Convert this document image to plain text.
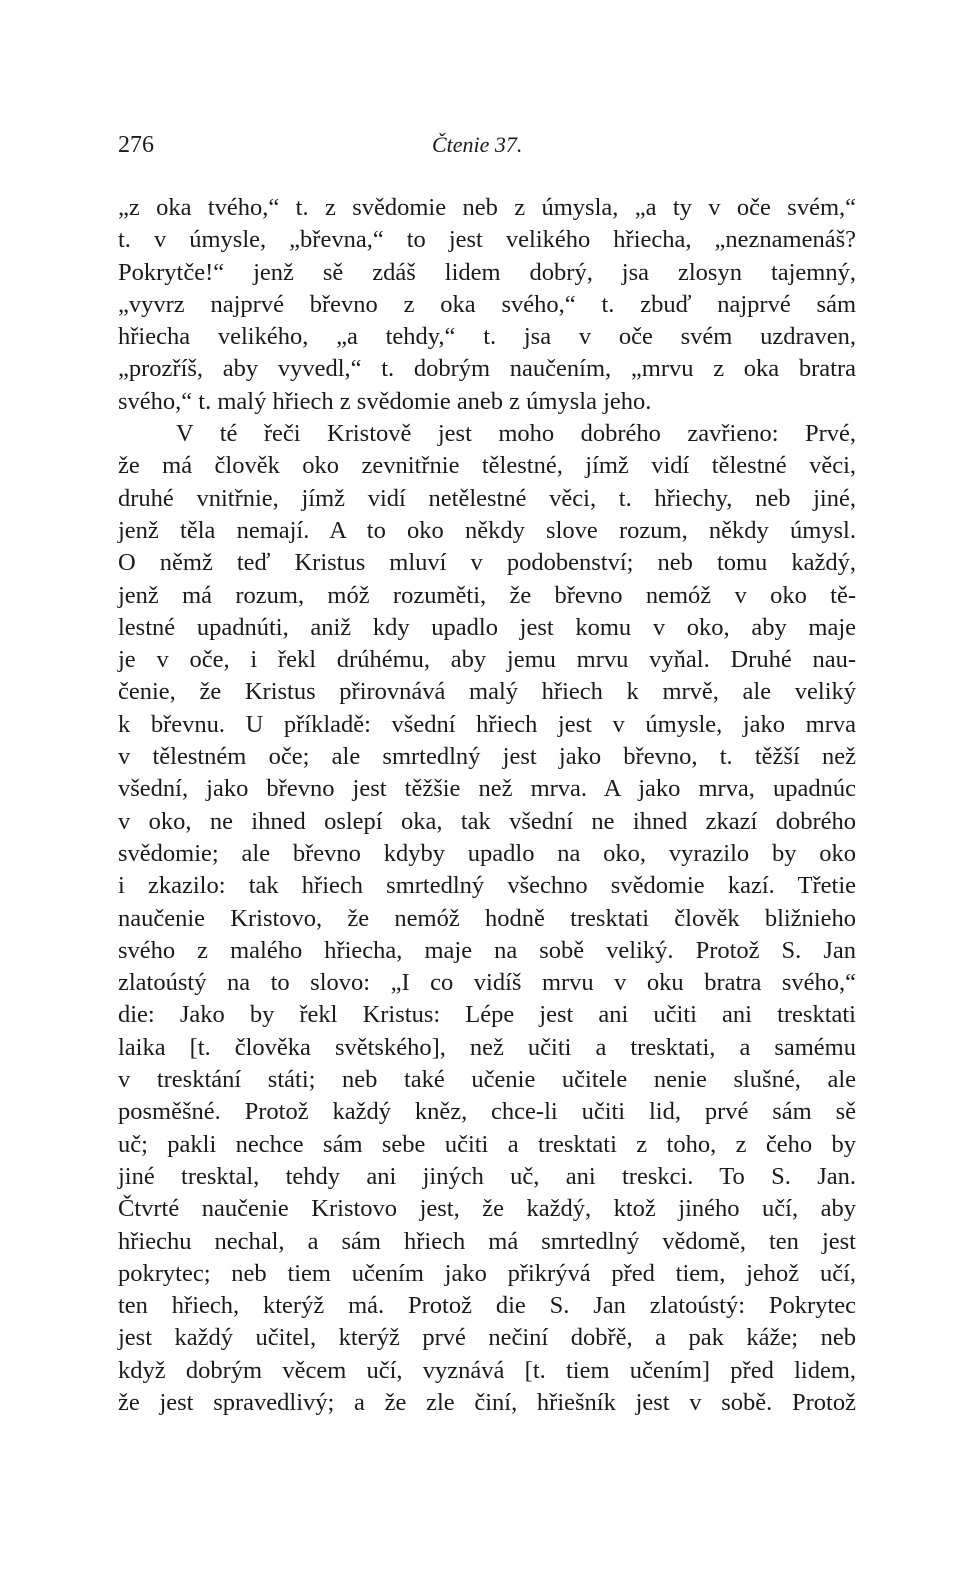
276	Čtenie 37.
„z oka tvého,“ t. z svědomie neb z úmysla, „a ty v oče svém,“
t. v úmysle, „břevna,“ to jest velikého hřiecha, „neznamenáš?
Pokrytče!“ jenž sě zdáš lidem dobrý, jsa zlosyn tajemný,
„vyvrz najprvé břevno z oka svého,“ t. zbuď najprvé sám
hřiecha velikého, „a tehdy,“ t. jsa v oče svém uzdraven,
„prozříš, aby vyvedl,“ t. dobrým naučením, „mrvu z oka bratra
svého,“ t. malý hřiech z svědomie aneb z úmysla jeho.
V té řeči Kristově jest moho dobrého zavřieno: Prvé,
že má člověk oko zevnitřnie tělestné, jímž vidí tělestné věci,
druhé vnitřnie, jímž vidí netělestné věci, t. hřiechy, neb jiné,
jenž těla nemají. A to oko někdy slove rozum, někdy úmysl.
O němž teď Kristus mluví v podobenství; neb tomu každý,
jenž má rozum, móž rozuměti, že břevno nemóž v oko tě-
lestné upadnúti, aniž kdy upadlo jest komu v oko, aby maje
je v oče, i řekl drúhému, aby jemu mrvu vyňal. Druhé nau-
čenie, že Kristus přirovnává malý hřiech k mrvě, ale veliký
k břevnu. U příkladě: všední hřiech jest v úmysle, jako mrva
v tělestném oče; ale smrtedlný jest jako břevno, t. těžší než
všední, jako břevno jest těžšie než mrva. A jako mrva, upadnúc
v oko, ne ihned oslepí oka, tak všední ne ihned zkazí dobrého
svědomie; ale břevno kdyby upadlo na oko, vyrazilo by oko
i zkazilo: tak hřiech smrtedlný všechno svědomie kazí. Třetie
naučenie Kristovo, že nemóž hodně tresktati člověk bližnieho
svého z malého hřiecha, maje na sobě veliký. Protož S. Jan
zlatoústý na to slovo: „I co vidíš mrvu v oku bratra svého,“
die: Jako by řekl Kristus: Lépe jest ani učiti ani tresktati
laika [t. člověka světského], než učiti a tresktati, a samému
v tresktání státi; neb také učenie učitele nenie slušné, ale
posměšné. Protož každý kněz, chce-li učiti lid, prvé sám sě
uč; pakli nechce sám sebe učiti a tresktati z toho, z čeho by
jiné tresktal, tehdy ani jiných uč, ani treskci. To S. Jan.
Čtvrté naučenie Kristovo jest, že každý, ktož jiného učí, aby
hřiechu nechal, a sám hřiech má smrtedlný vědomě, ten jest
pokrytec; neb tiem učením jako přikrývá před tiem, jehož učí,
ten hřiech, kterýž má. Protož die S. Jan zlatoústý: Pokrytec
jest každý učitel, kterýž prvé nečiní dobřě, a pak káže; neb
když dobrým věcem učí, vyznává [t. tiem učením] před lidem,
že jest spravedlivý; a že zle činí, hřiešník jest v sobě. Protož
